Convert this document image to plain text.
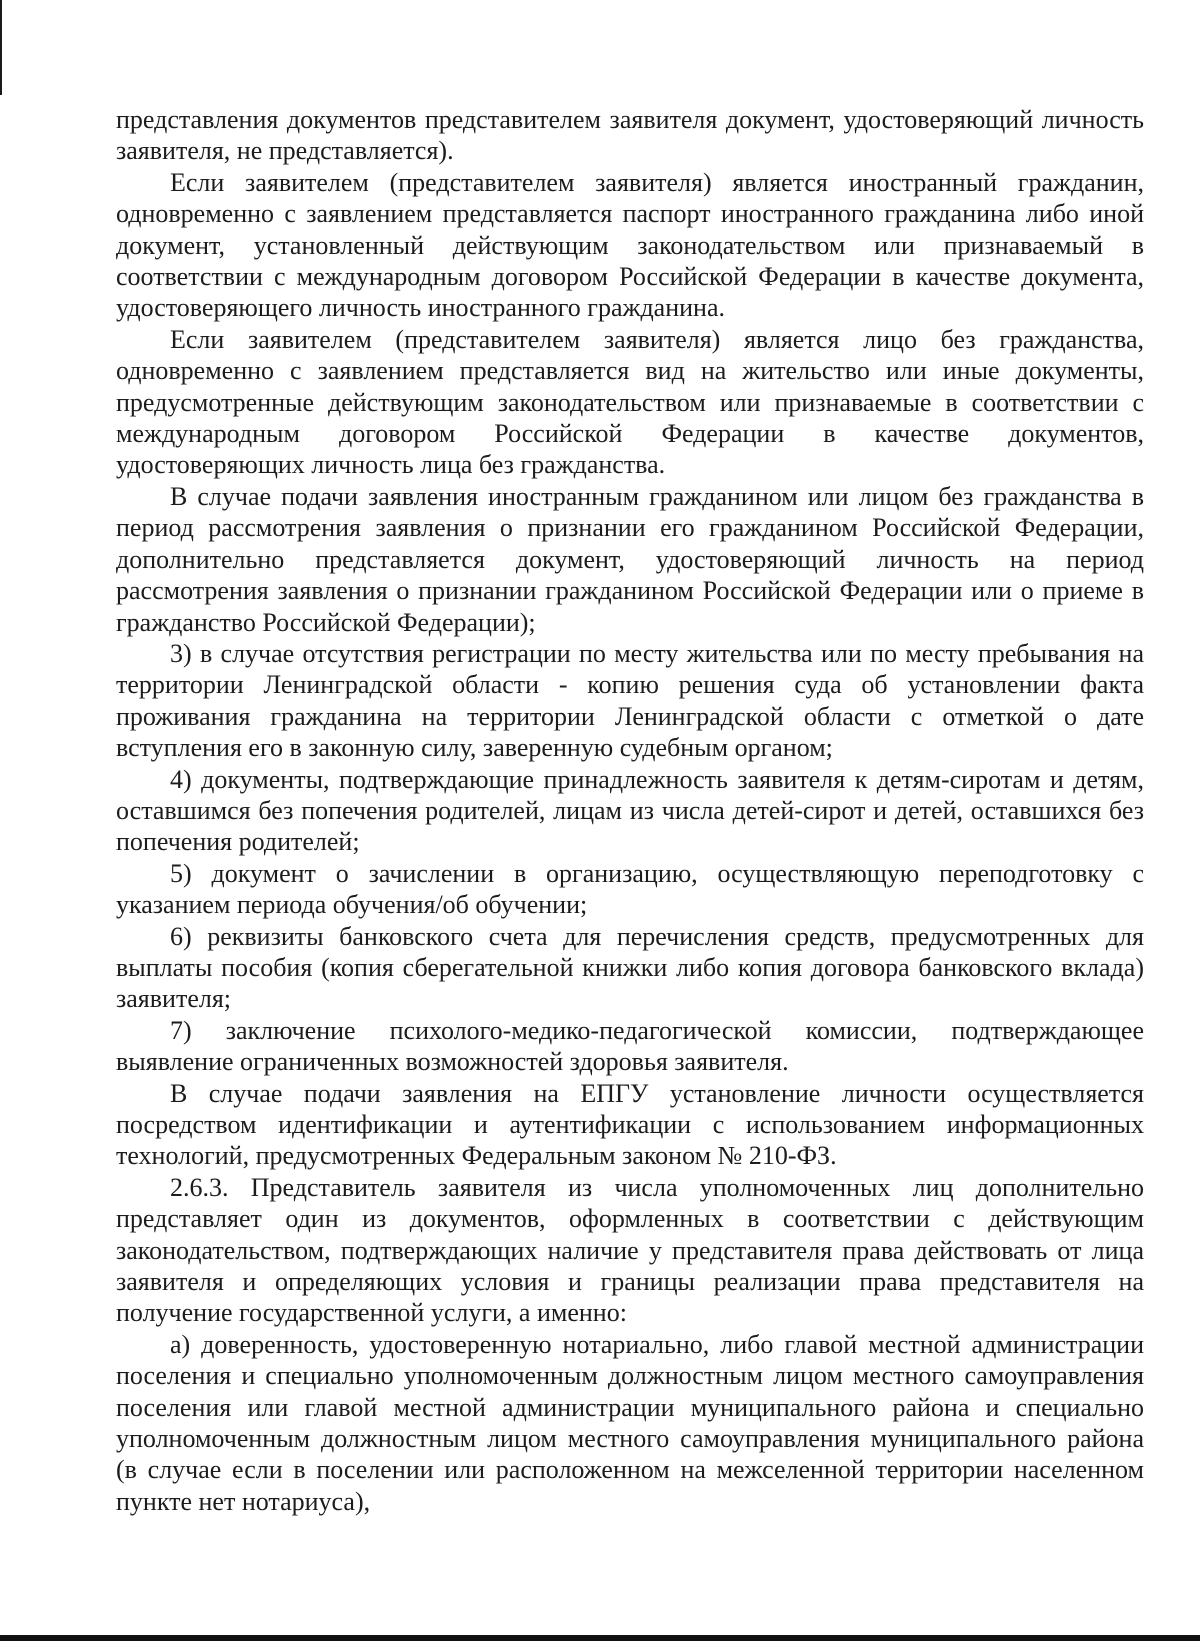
представления документов представителем заявителя документ, удостоверяющий личность заявителя, не представляется).

Если заявителем (представителем заявителя) является иностранный гражданин, одновременно с заявлением представляется паспорт иностранного гражданина либо иной документ, установленный действующим законодательством или признаваемый в соответствии с международным договором Российской Федерации в качестве документа, удостоверяющего личность иностранного гражданина.

Если заявителем (представителем заявителя) является лицо без гражданства, одновременно с заявлением представляется вид на жительство или иные документы, предусмотренные действующим законодательством или признаваемые в соответствии с международным договором Российской Федерации в качестве документов, удостоверяющих личность лица без гражданства.

В случае подачи заявления иностранным гражданином или лицом без гражданства в период рассмотрения заявления о признании его гражданином Российской Федерации, дополнительно представляется документ, удостоверяющий личность на период рассмотрения заявления о признании гражданином Российской Федерации или о приеме в гражданство Российской Федерации);

3) в случае отсутствия регистрации по месту жительства или по месту пребывания на территории Ленинградской области - копию решения суда об установлении факта проживания гражданина на территории Ленинградской области с отметкой о дате вступления его в законную силу, заверенную судебным органом;

4) документы, подтверждающие принадлежность заявителя к детям-сиротам и детям, оставшимся без попечения родителей, лицам из числа детей-сирот и детей, оставшихся без попечения родителей;

5) документ о зачислении в организацию, осуществляющую переподготовку с указанием периода обучения/об обучении;

6) реквизиты банковского счета для перечисления средств, предусмотренных для выплаты пособия (копия сберегательной книжки либо копия договора банковского вклада) заявителя;

7) заключение психолого-медико-педагогической комиссии, подтверждающее выявление ограниченных возможностей здоровья заявителя.

В случае подачи заявления на ЕПГУ установление личности осуществляется посредством идентификации и аутентификации с использованием информационных технологий, предусмотренных Федеральным законом № 210-ФЗ.

2.6.3. Представитель заявителя из числа уполномоченных лиц дополнительно представляет один из документов, оформленных в соответствии с действующим законодательством, подтверждающих наличие у представителя права действовать от лица заявителя и определяющих условия и границы реализации права представителя на получение государственной услуги, а именно:

а) доверенность, удостоверенную нотариально, либо главой местной администрации поселения и специально уполномоченным должностным лицом местного самоуправления поселения или главой местной администрации муниципального района и специально уполномоченным должностным лицом местного самоуправления муниципального района (в случае если в поселении или расположенном на межселенной территории населенном пункте нет нотариуса),
